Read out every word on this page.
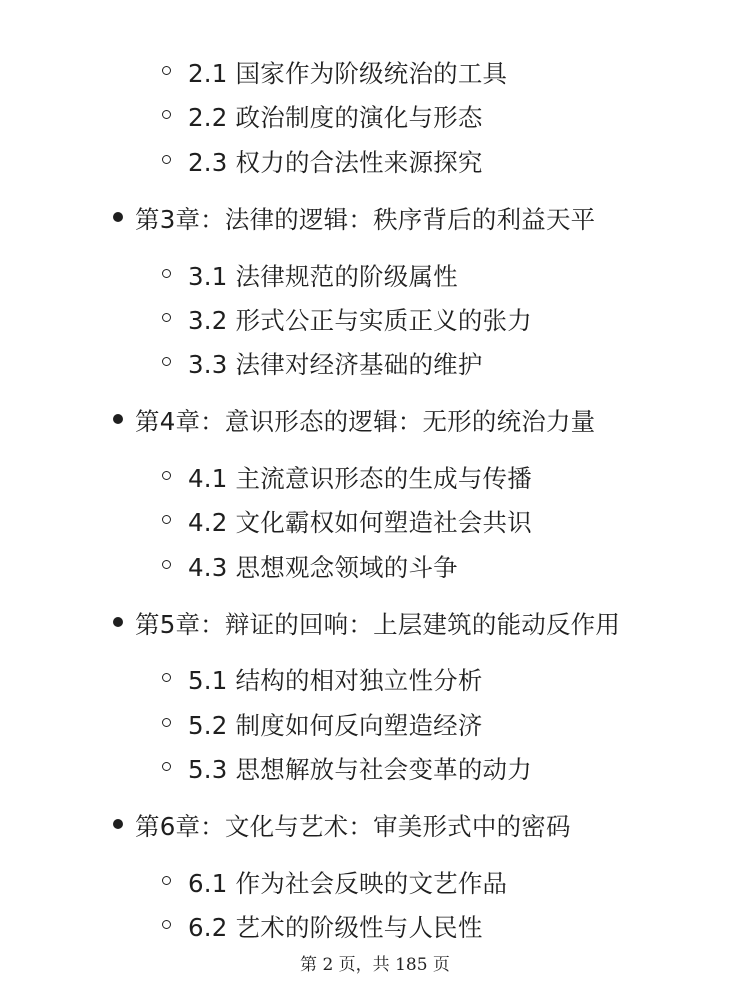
2.1 国家作为阶级统治的工具
2.2 政治制度的演化与形态
2.3 权力的合法性来源探究
第3章：法律的逻辑：秩序背后的利益天平
3.1 法律规范的阶级属性
3.2 形式公正与实质正义的张力
3.3 法律对经济基础的维护
第4章：意识形态的逻辑：无形的统治力量
4.1 主流意识形态的生成与传播
4.2 文化霸权如何塑造社会共识
4.3 思想观念领域的斗争
第5章：辩证的回响：上层建筑的能动反作用
5.1 结构的相对独立性分析
5.2 制度如何反向塑造经济
5.3 思想解放与社会变革的动力
第6章：文化与艺术：审美形式中的密码
6.1 作为社会反映的文艺作品
6.2 艺术的阶级性与人民性
第 2 页，共 185 页
